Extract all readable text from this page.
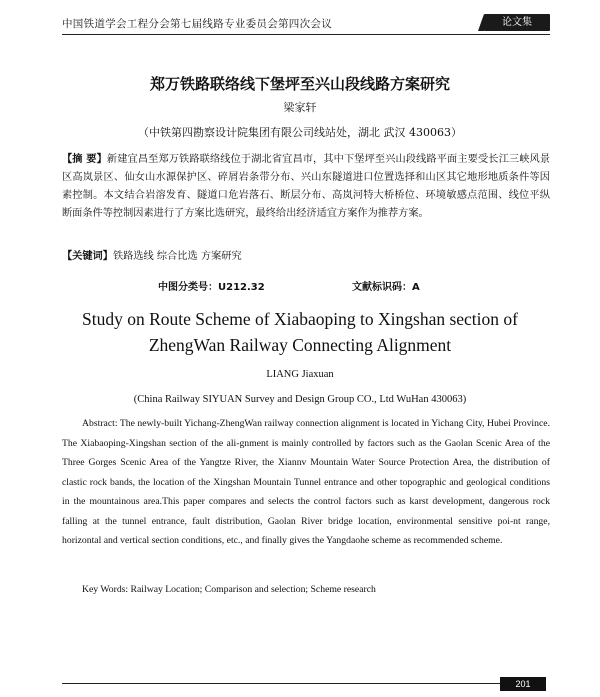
中国铁道学会工程分会第七届线路专业委员会第四次会议	论文集
郑万铁路联络线下堡坪至兴山段线路方案研究
梁家轩
（中铁第四勘察设计院集团有限公司线站处，湖北 武汉 430063）
【摘 要】新建宜昌至郑万铁路联络线位于湖北省宜昌市，其中下堡坪至兴山段线路平面主要受长江三峡风景区高岚景区、仙女山水源保护区、碎屑岩条带分布、兴山东隧道进口位置选择和山区其它地形地质条件等因素控制。本文结合岩溶发育、隧道口危岩落石、断层分布、高岚河特大桥桥位、环境敏感点范围、线位平纵断面条件等控制因素进行了方案比选研究，最终给出经济适宜方案作为推荐方案。
【关键词】铁路选线 综合比选 方案研究
中图分类号：U212.32	文献标识码：A
Study on Route Scheme of Xiabaoping to Xingshan section of
ZhengWan Railway Connecting Alignment
LIANG Jiaxuan
(China Railway SIYUAN Survey and Design Group CO., Ltd WuHan 430063)
Abstract: The newly-built Yichang-ZhengWan railway connection alignment is located in Yichang City, Hubei Province. The Xiabaoping-Xingshan section of the ali-gnment is mainly controlled by factors such as the Gaolan Scenic Area of the Three Gorges Scenic Area of the Yangtze River, the Xiannv Mountain Water Source Protection Area, the distribution of clastic rock bands, the location of the Xingshan Mountain Tunnel entrance and other topographic and geological conditions in the mountainous area.This paper compares and selects the control factors such as karst development, dangerous rock falling at the tunnel entrance, fault distribution, Gaolan River bridge location, environmental sensitive poi-nt range, horizontal and vertical section conditions, etc., and finally gives the Yangdaohe scheme as recommended scheme.
Key Words: Railway Location; Comparison and selection; Scheme research
201
